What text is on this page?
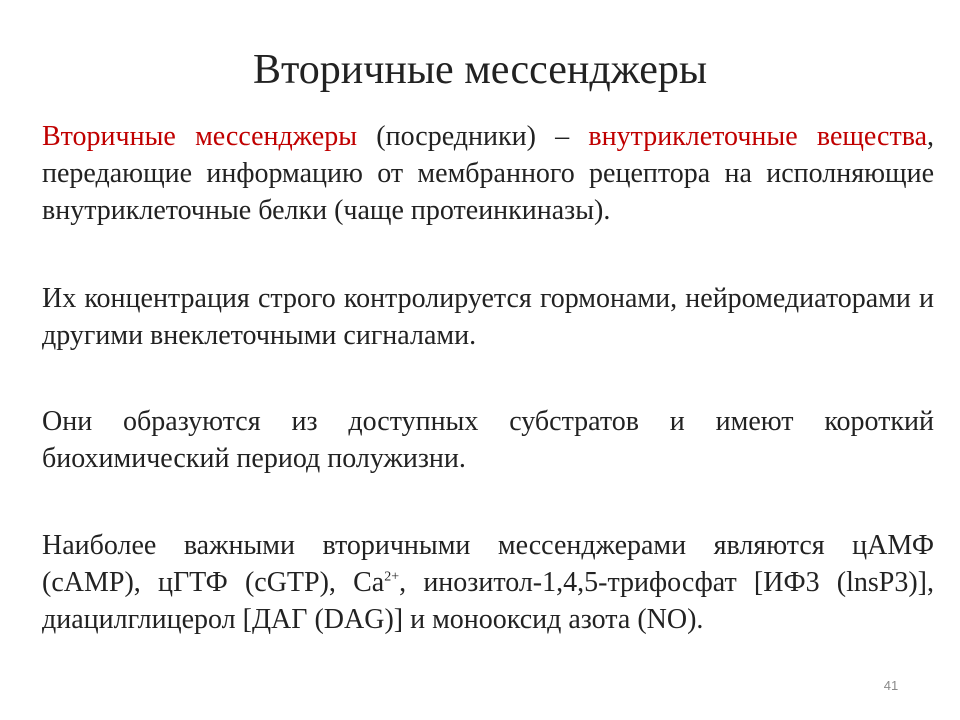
Вторичные мессенджеры

Вторичные мессенджеры (посредники) – внутриклеточные вещества, передающие информацию от мембранного рецептора на исполняющие внутриклеточные белки (чаще протеинкиназы).

Их концентрация строго контролируется гормонами, нейромедиаторами и другими внеклеточными сигналами.

Они образуются из доступных субстратов и имеют короткий биохимический период полужизни.

Наиболее важными вторичными мессенджерами являются цАМФ (cAMP), цГТФ (cGTP), $Ca^{2+}$, инозитол-1,4,5-трифосфат [ИФ3 (lnsP3)], диацилглицерол [ДАГ (DAG)] и монооксид азота (NO).

41
